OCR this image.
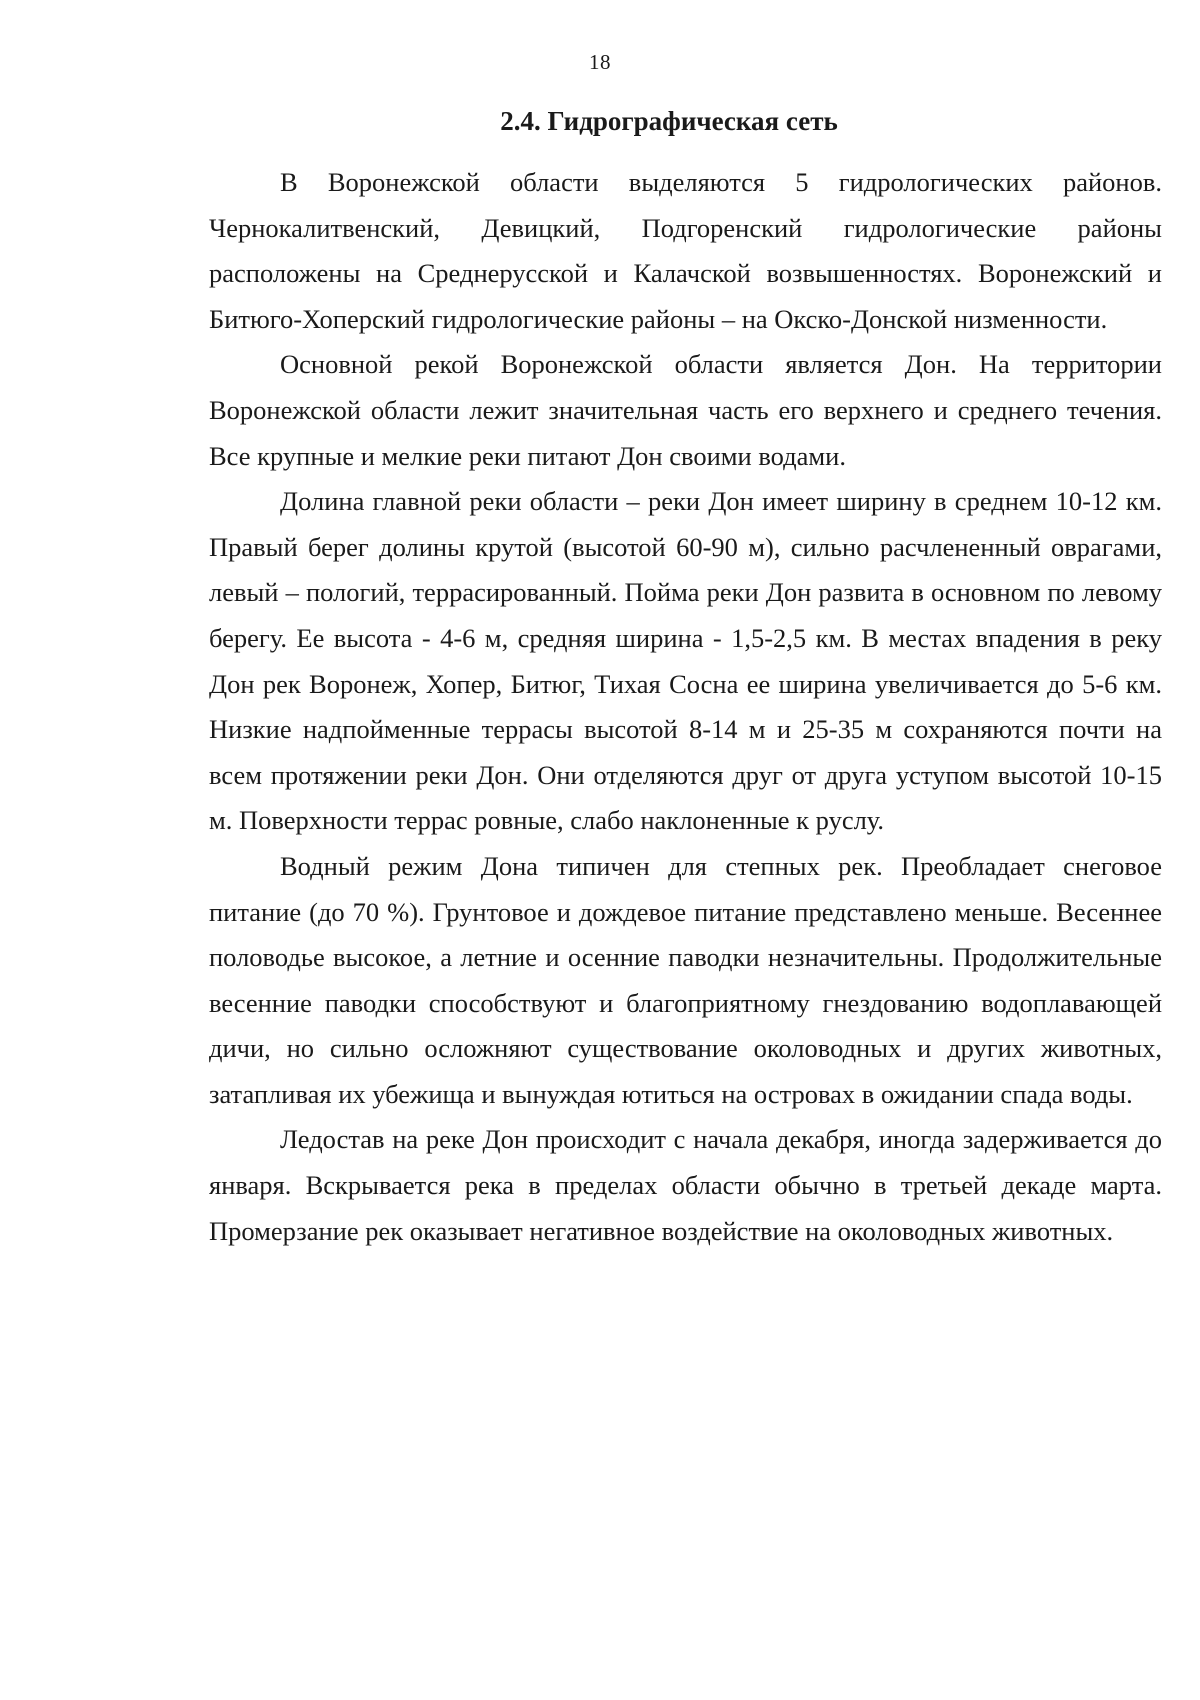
18
2.4. Гидрографическая сеть

В Воронежской области выделяются 5 гидрологических районов. Чернокалитвенский, Девицкий, Подгоренский гидрологические районы расположены на Среднерусской и Калачской возвышенностях. Воронежский и Битюго-Хоперский гидрологические районы – на Окско-Донской низменности.

Основной рекой Воронежской области является Дон. На территории Воронежской области лежит значительная часть его верхнего и среднего течения. Все крупные и мелкие реки питают Дон своими водами.

Долина главной реки области – реки Дон имеет ширину в среднем 10-12 км. Правый берег долины крутой (высотой 60-90 м), сильно расчлененный оврагами, левый – пологий, террасированный. Пойма реки Дон развита в основном по левому берегу. Ее высота - 4-6 м, средняя ширина - 1,5-2,5 км. В местах впадения в реку Дон рек Воронеж, Хопер, Битюг, Тихая Сосна ее ширина увеличивается до 5-6 км. Низкие надпойменные террасы высотой 8-14 м и 25-35 м сохраняются почти на всем протяжении реки Дон. Они отделяются друг от друга уступом высотой 10-15 м. Поверхности террас ровные, слабо наклоненные к руслу.

Водный режим Дона типичен для степных рек. Преобладает снеговое питание (до 70 %). Грунтовое и дождевое питание представлено меньше. Весеннее половодье высокое, а летние и осенние паводки незначительны. Продолжительные весенние паводки способствуют и благоприятному гнездованию водоплавающей дичи, но сильно осложняют существование околоводных и других животных, затапливая их убежища и вынуждая ютиться на островах в ожидании спада воды.

Ледостав на реке Дон происходит с начала декабря, иногда задерживается до января. Вскрывается река в пределах области обычно в третьей декаде марта. Промерзание рек оказывает негативное воздействие на околоводных животных.
